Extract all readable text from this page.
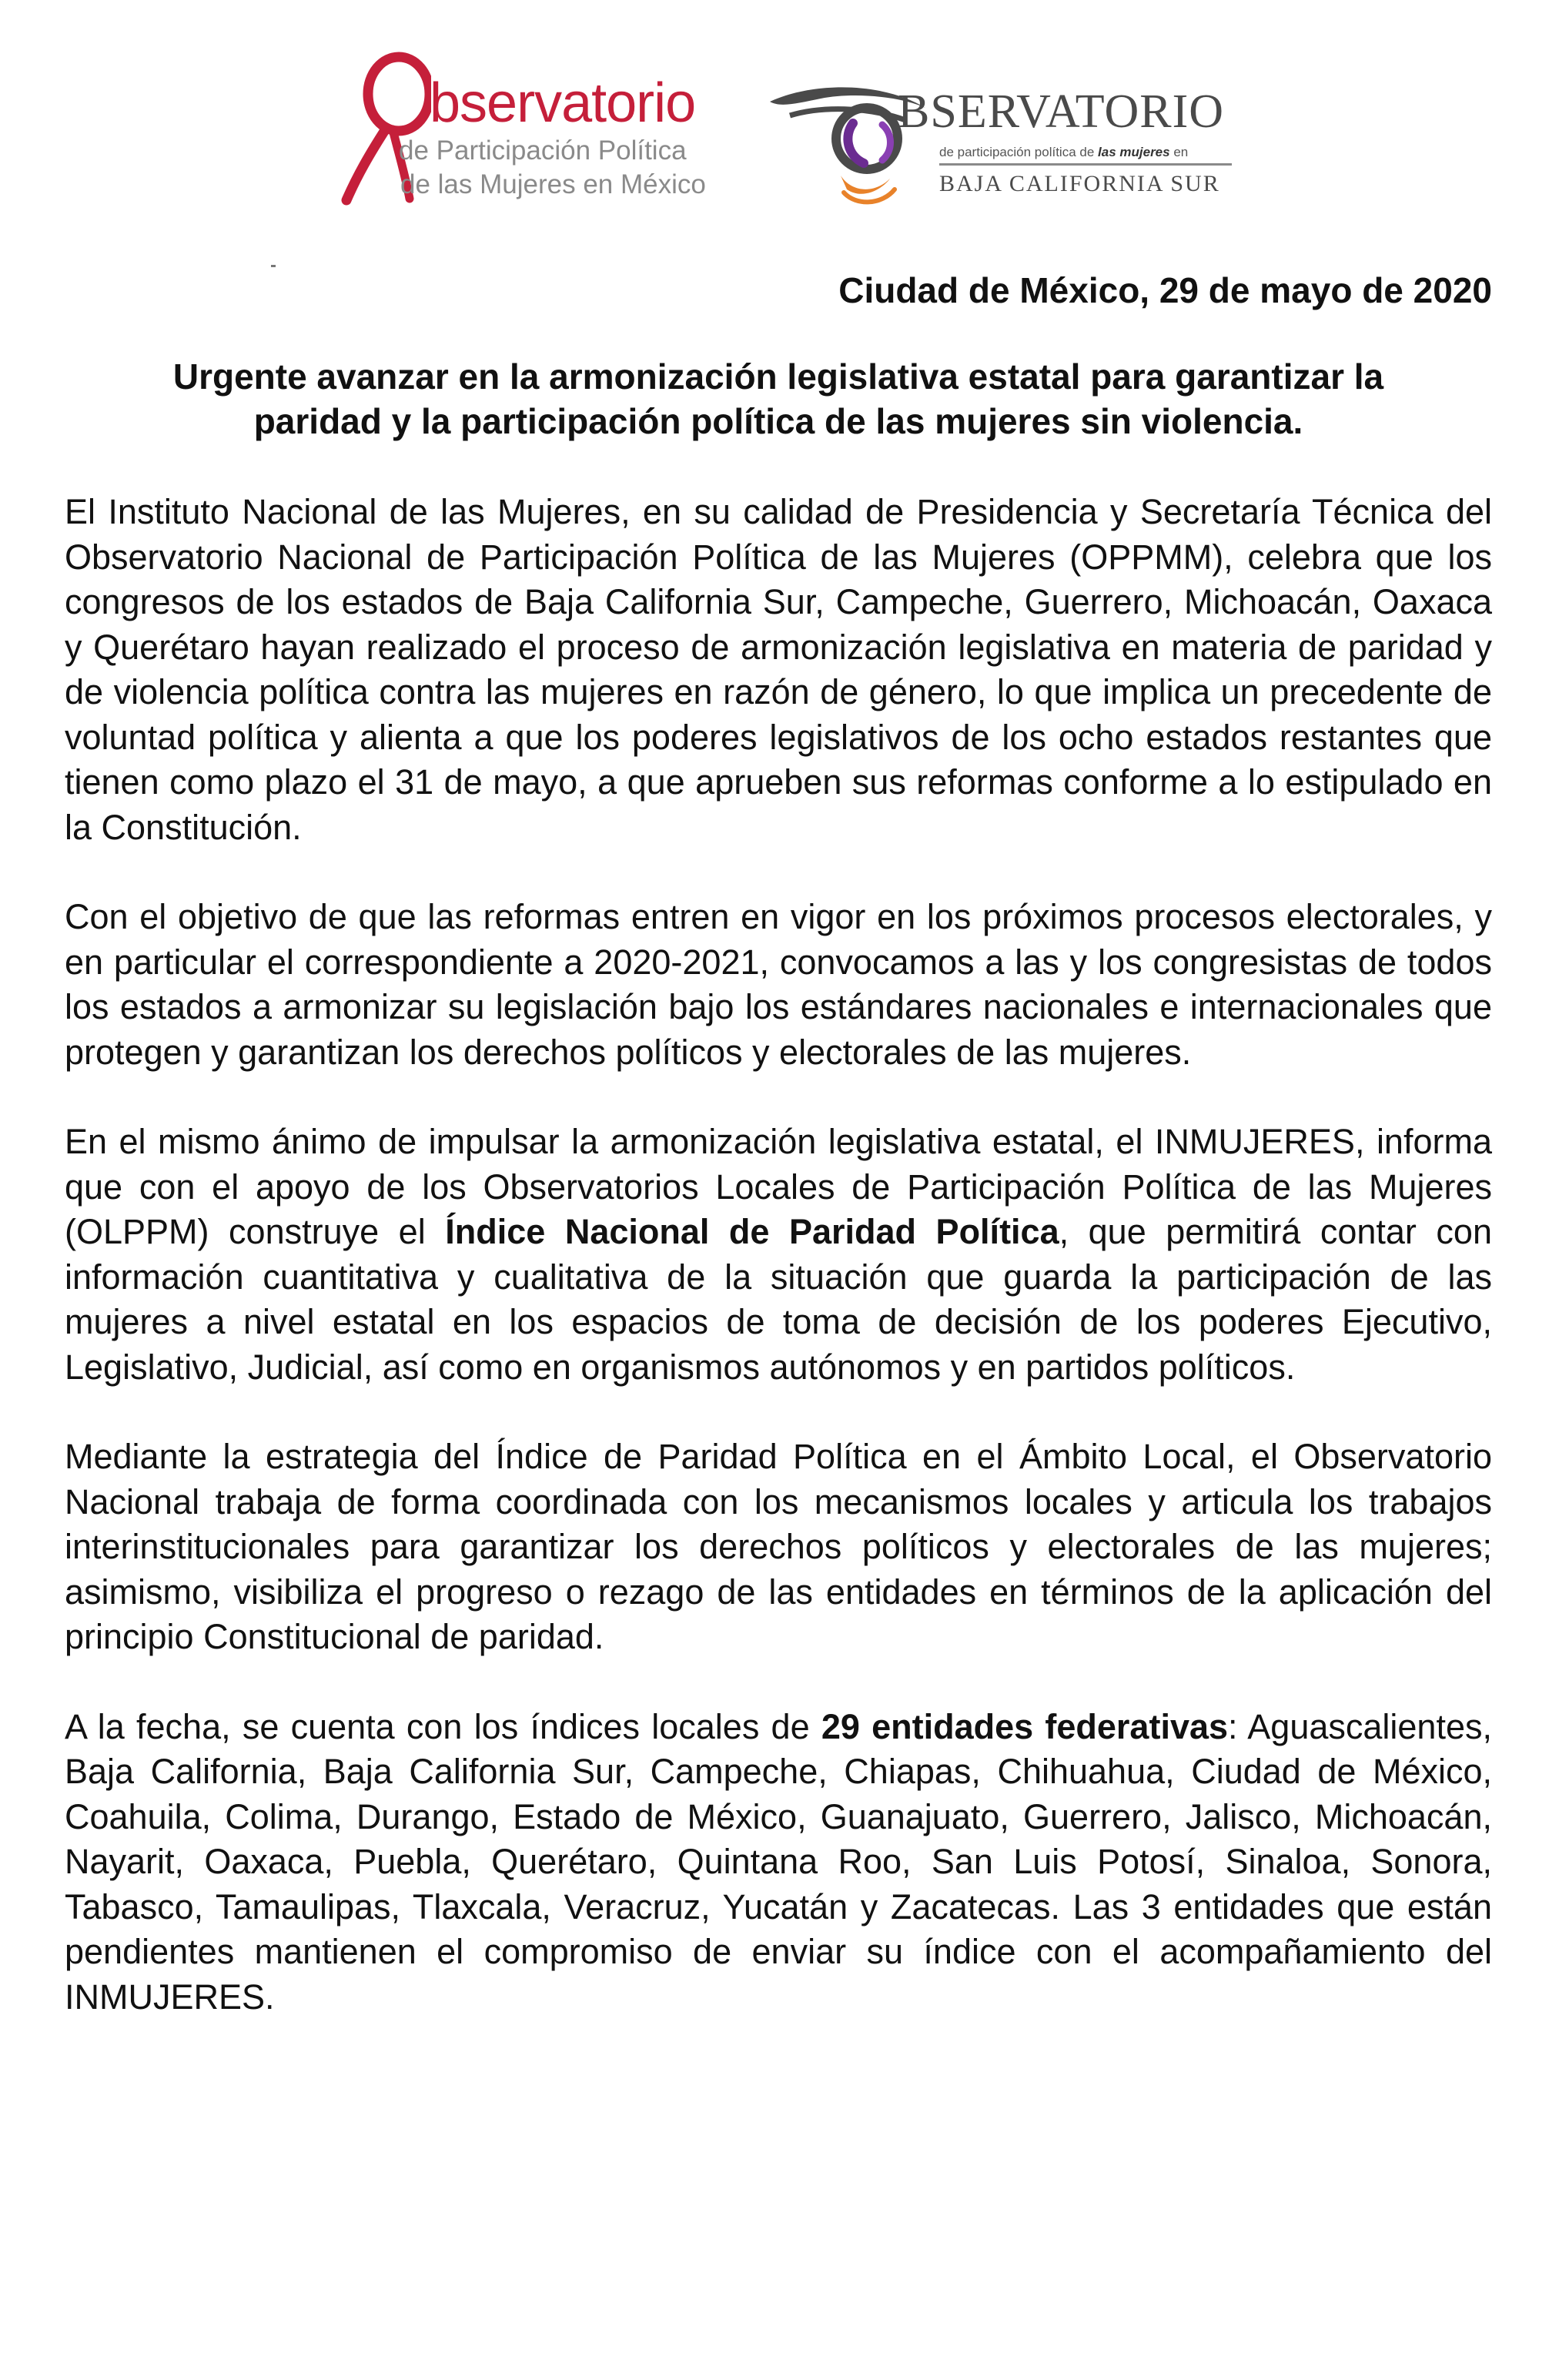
bservatorio
de Participación Política
de las Mujeres en México
BSERVATORIO
de participación política de las mujeres en
BAJA CALIFORNIA SUR
Ciudad de México, 29 de mayo de 2020
Urgente avanzar en la armonización legislativa estatal para garantizar la
paridad y la participación política de las mujeres sin violencia.

El Instituto Nacional de las Mujeres, en su calidad de Presidencia y Secretaría Técnica del Observatorio Nacional de Participación Política de las Mujeres (OPPMM), celebra que los congresos de los estados de Baja California Sur, Campeche, Guerrero, Michoacán, Oaxaca y Querétaro hayan realizado el proceso de armonización legislativa en materia de paridad y de violencia política contra las mujeres en razón de género, lo que implica un precedente de voluntad política y alienta a que los poderes legislativos de los ocho estados restantes que tienen como plazo el 31 de mayo, a que aprueben sus reformas conforme a lo estipulado en la Constitución.

Con el objetivo de que las reformas entren en vigor en los próximos procesos electorales, y en particular el correspondiente a 2020-2021, convocamos a las y los congresistas de todos los estados a armonizar su legislación bajo los estándares nacionales e internacionales que protegen y garantizan los derechos políticos y electorales de las mujeres.

En el mismo ánimo de impulsar la armonización legislativa estatal, el INMUJERES, informa que con el apoyo de los Observatorios Locales de Participación Política de las Mujeres (OLPPM) construye el Índice Nacional de Paridad Política, que permitirá contar con información cuantitativa y cualitativa de la situación que guarda la participación de las mujeres a nivel estatal en los espacios de toma de decisión de los poderes Ejecutivo, Legislativo, Judicial, así como en organismos autónomos y en partidos políticos.

Mediante la estrategia del Índice de Paridad Política en el Ámbito Local, el Observatorio Nacional trabaja de forma coordinada con los mecanismos locales y articula los trabajos interinstitucionales para garantizar los derechos políticos y electorales de las mujeres; asimismo, visibiliza el progreso o rezago de las entidades en términos de la aplicación del principio Constitucional de paridad.

A la fecha, se cuenta con los índices locales de 29 entidades federativas: Aguascalientes, Baja California, Baja California Sur, Campeche, Chiapas, Chihuahua, Ciudad de México, Coahuila, Colima, Durango, Estado de México, Guanajuato, Guerrero, Jalisco, Michoacán, Nayarit, Oaxaca, Puebla, Querétaro, Quintana Roo, San Luis Potosí, Sinaloa, Sonora, Tabasco, Tamaulipas, Tlaxcala, Veracruz, Yucatán y Zacatecas. Las 3 entidades que están pendientes mantienen el compromiso de enviar su índice con el acompañamiento del INMUJERES.
